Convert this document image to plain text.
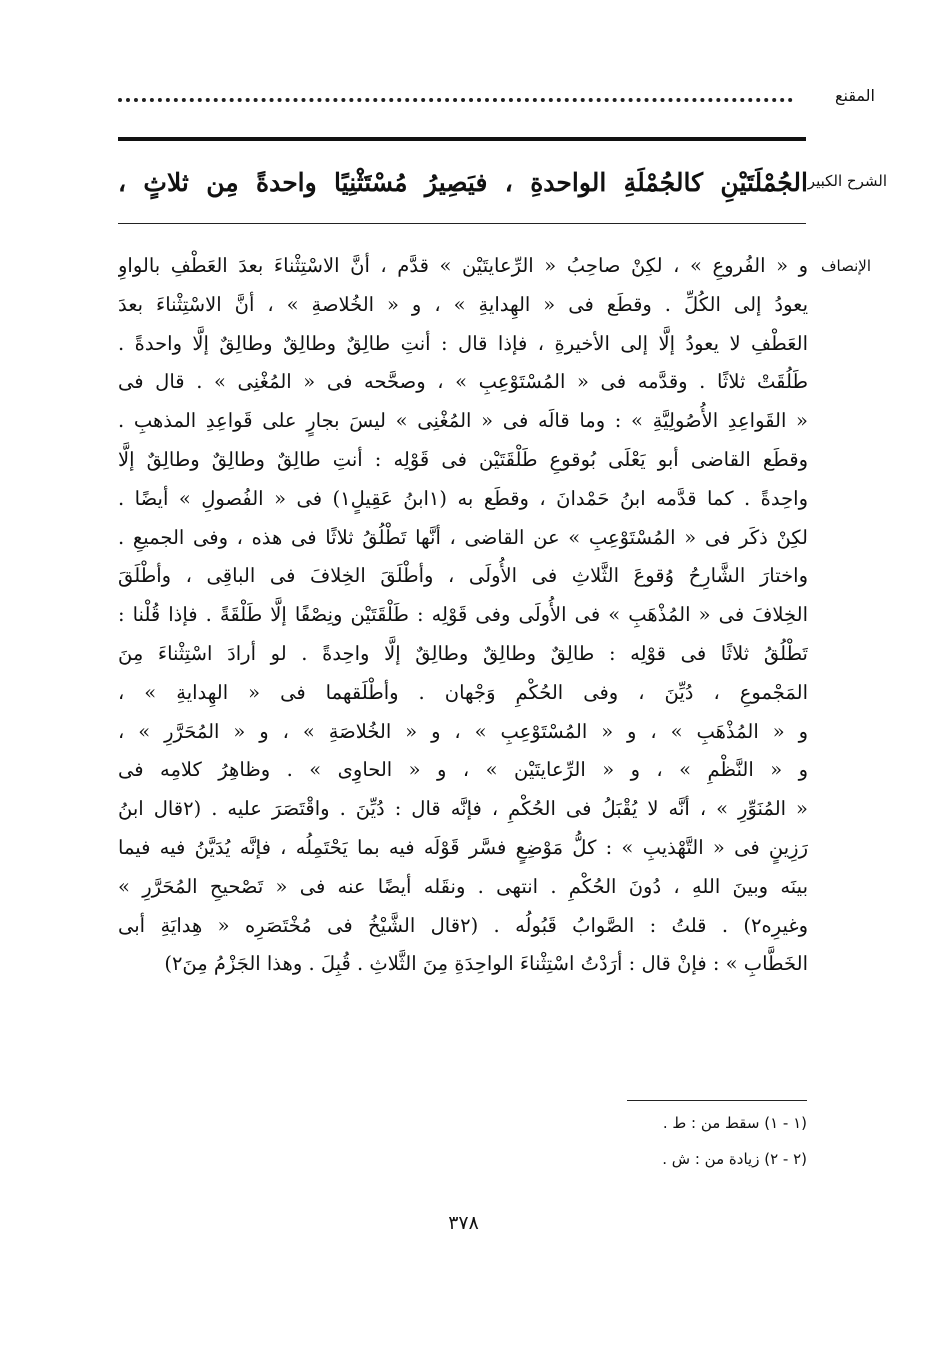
المقنع
الشرح الكبير
الجُمْلَتَيْنِ كالجُمْلَةِ الواحدةِ ، فيَصِيرُ مُسْتَثْنِيًا واحدةً مِن ثلاثٍ ،
الإنصاف
و « الفُروعِ » ، لكِنْ صاحِبُ « الرِّعايتَيْن » قدَّم ، أنَّ الاسْتِثْناءَ بعدَ العَطْفِ بالواوِ
يعودُ إلى الكُلِّ . وقطَع فى « الهِدايةِ » ، و « الخُلاصةِ » ، أنَّ الاسْتِثْناءَ بعدَ
العَطْفِ لا يعودُ إلَّا إلى الأخيرةِ ، فإذا قال : أنتِ طالِقٌ وطالِقٌ وطالِقٌ إلَّا واحدةً .
طَلُقَتْ ثلاثًا . وقدَّمه فى « المُسْتَوْعِبِ » ، وصحَّحه فى « المُغْنِى » . قال فى
« القَواعِدِ الأُصُولِيَّةِ » : وما قالَه فى « المُغْنِى » ليسَ بجارٍ على قَواعِدِ المذهبِ .
وقطَع القاضى أبو يَعْلَى بُوقوعِ طَلْقَتَيْن فى قَوْلِه : أنتِ طالِقٌ وطالِقٌ وطالِقٌ إلَّا
واحِدةً . كما قدَّمه ابنُ حَمْدانَ ، وقطَع به (١ابنُ عَقِيلٍ١) فى « الفُصولِ » أيضًا .
لكِنْ ذكَر فى « المُسْتَوْعِبِ » عن القاضى ، أنَّها تَطْلُقُ ثلاثًا فى هذه ، وفى الجميعِ .
واختارَ الشَّارِحُ وُقوعَ الثَّلاثِ فى الأُولَى ، وأطْلَقَ الخِلافَ فى الباقِى ، وأطْلَقَ
الخِلافَ فى « المُذْهَبِ » فى الأُولَى وفى قَوْلِه : طَلْقَتَيْن ونِصْفًا إلَّا طَلْقَةً . فإذا قُلْنا :
تَطْلُقُ ثلاثًا فى قوْلِه : طالِقٌ وطالِقٌ وطالِقٌ إلَّا واحِدةً . لو أرادَ اسْتِثْناءَ مِنَ
المَجْموعِ ، دُيِّنَ ، وفى الحُكْمِ وَجْهان . وأطْلَقهما فى « الهِدايةِ » ،
و « المُذْهَبِ » ، و « المُسْتَوْعِبِ » ، و « الخُلاصَةِ » ، و « المُحَرَّرِ » ،
و « النَّظْمِ » ، و « الرِّعايتَيْن » ، و « الحاوِى » . وظاهِرُ كلامِه فى
« المُنَوِّرِ » ، أنَّه لا يُقْبَلُ فى الحُكْمِ ، فإنَّه قال : دُيِّنَ . واقْتَصَرَ عليه . (٢قال ابنُ
رَزِينٍ فى « التَّهْذيبِ » : كلُّ مَوْضِعٍ فسَّر قَوْلَه فيه بما يَحْتَمِلُه ، فإنَّه يُدَيَّنُ فيه فيما
بينَه وبينَ اللهِ ، دُونَ الحُكْمِ . انتهى . ونقَله أيضًا عنه فى « تَصْحيحِ المُحَرَّرِ »
وغيرِه٢) . قلتُ : الصَّوابُ قَبُولُه . (٢قال الشَّيْخُ فى مُخْتَصَرِه « هِدايَةِ أبى
الخَطَّابِ » : فإنْ قال : أرَدْتُ اسْتِثْناءَ الواحِدَةِ مِنَ الثَّلاثِ . قُبِلَ . وهذا الجَزْمُ مِنَ٢)
(١ - ١) سقط من : ط .
(٢ - ٢) زيادة من : ش .
٣٧٨
